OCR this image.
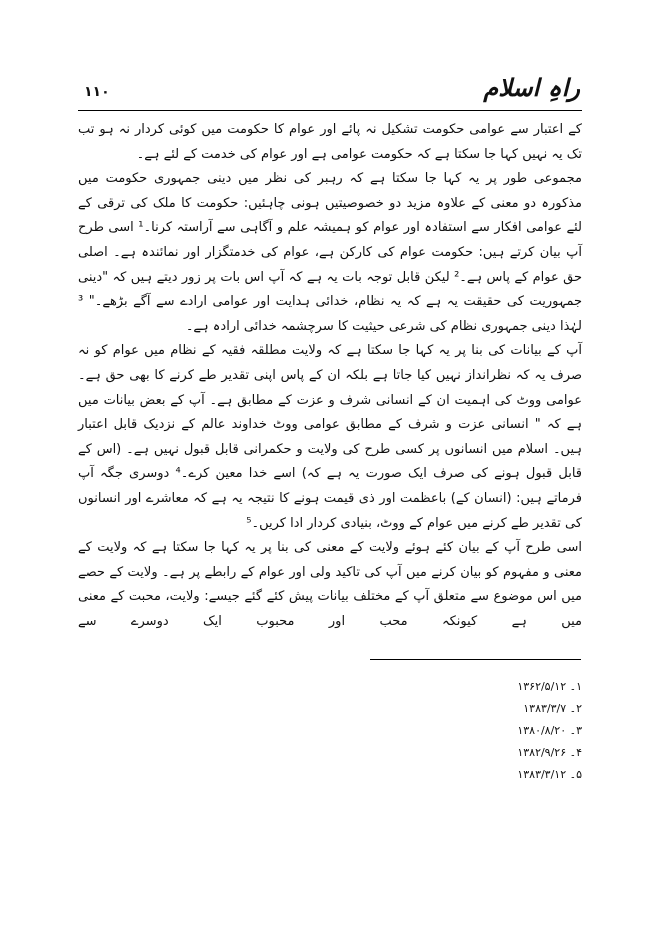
۱۱۰	راہِ اسلام

کے اعتبار سے عوامی حکومت تشکیل نہ پائے اور عوام کا حکومت میں کوئی کردار نہ ہو تب تک یہ نہیں کہا جا سکتا ہے کہ حکومت عوامی ہے اور عوام کی خدمت کے لئے ہے۔

مجموعی طور پر یہ کہا جا سکتا ہے کہ رہبر کی نظر میں دینی جمہوری حکومت میں مذکورہ دو معنی کے علاوہ مزید دو خصوصیتیں ہونی چاہئیں: حکومت کا ملک کی ترقی کے لئے عوامی افکار سے استفادہ اور عوام کو ہمیشہ علم و آگاہی سے آراستہ کرنا۔¹ اسی طرح آپ بیان کرتے ہیں: حکومت عوام کی کارکن ہے، عوام کی خدمتگزار اور نمائندہ ہے۔ اصلی حق عوام کے پاس ہے۔² لیکن قابل توجہ بات یہ ہے کہ آپ اس بات پر زور دیتے ہیں کہ "دینی جمہوریت کی حقیقت یہ ہے کہ یہ نظام، خدائی ہدایت اور عوامی ارادے سے آگے بڑھے۔" ³ لہٰذا دینی جمہوری نظام کی شرعی حیثیت کا سرچشمہ خدائی ارادہ ہے۔

آپ کے بیانات کی بنا پر یہ کہا جا سکتا ہے کہ ولایت مطلقہ فقیہ کے نظام میں عوام کو نہ صرف یہ کہ نظرانداز نہیں کیا جاتا ہے بلکہ ان کے پاس اپنی تقدیر طے کرنے کا بھی حق ہے۔ عوامی ووٹ کی اہمیت ان کے انسانی شرف و عزت کے مطابق ہے۔ آپ کے بعض بیانات میں ہے کہ " انسانی عزت و شرف کے مطابق عوامی ووٹ خداوند عالم کے نزدیک قابل اعتبار ہیں۔ اسلام میں انسانوں پر کسی طرح کی ولایت و حکمرانی قابل قبول نہیں ہے۔ (اس کے قابل قبول ہونے کی صرف ایک صورت یہ ہے کہ) اسے خدا معین کرے۔⁴ دوسری جگہ آپ فرماتے ہیں: (انسان کے) باعظمت اور ذی قیمت ہونے کا نتیجہ یہ ہے کہ معاشرے اور انسانوں کی تقدیر طے کرنے میں عوام کے ووٹ، بنیادی کردار ادا کریں۔⁵

اسی طرح آپ کے بیان کئے ہوئے ولایت کے معنی کی بنا پر یہ کہا جا سکتا ہے کہ ولایت کے معنی و مفہوم کو بیان کرنے میں آپ کی تاکید ولی اور عوام کے رابطے پر ہے۔ ولایت کے حصے میں اس موضوع سے متعلق آپ کے مختلف بیانات پیش کئے گئے جیسے: ولایت، محبت کے معنی میں ہے کیونکہ محب اور محبوب ایک دوسرے سے

۱۔ ۱۳۶۲/۵/۱۲
۲۔ ۱۳۸۳/۳/۷
۳۔ ۱۳۸۰/۸/۲۰
۴۔ ۱۳۸۲/۹/۲۶
۵۔ ۱۳۸۳/۳/۱۲
